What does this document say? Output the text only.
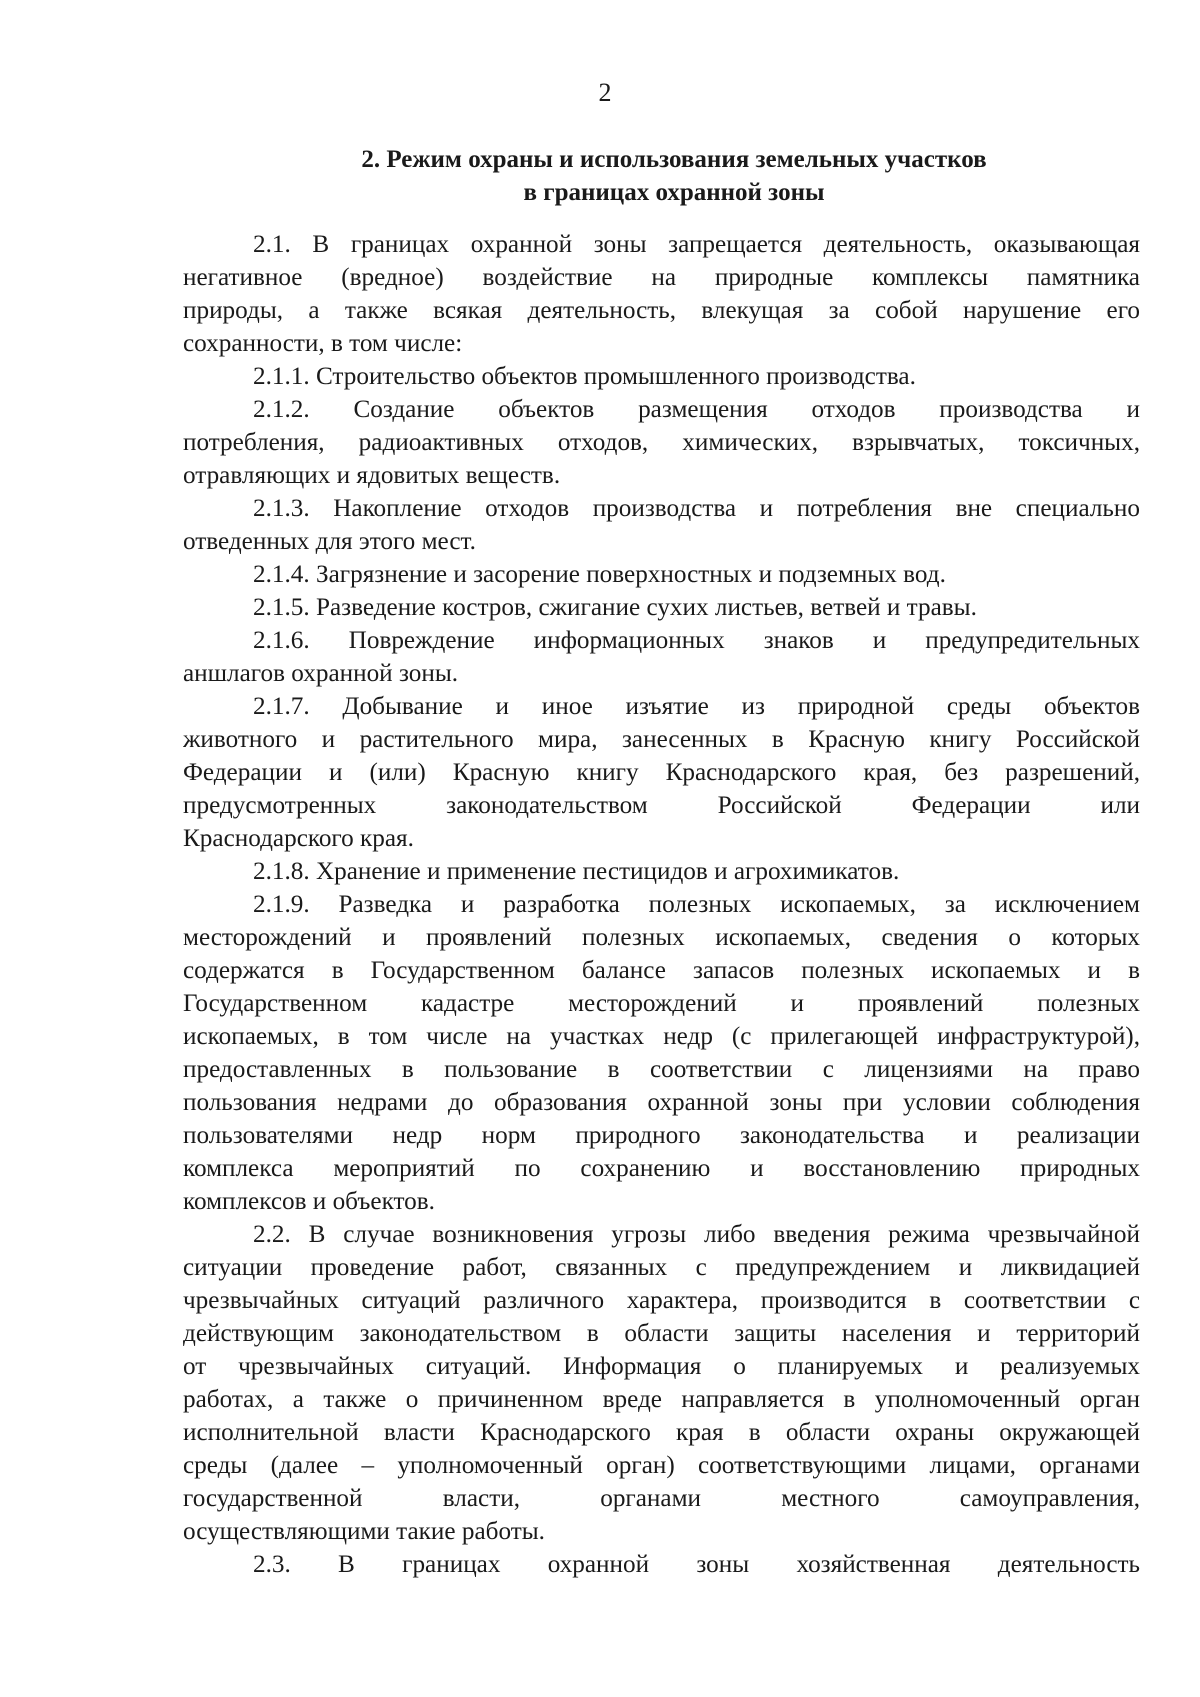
2
2. Режим охраны и использования земельных участков
в границах охранной зоны
2.1. В границах охранной зоны запрещается деятельность, оказывающая
негативное (вредное) воздействие на природные комплексы памятника
природы, а также всякая деятельность, влекущая за собой нарушение его
сохранности, в том числе:
2.1.1. Строительство объектов промышленного производства.
2.1.2. Создание объектов размещения отходов производства и
потребления, радиоактивных отходов, химических, взрывчатых, токсичных,
отравляющих и ядовитых веществ.
2.1.3. Накопление отходов производства и потребления вне специально
отведенных для этого мест.
2.1.4. Загрязнение и засорение поверхностных и подземных вод.
2.1.5. Разведение костров, сжигание сухих листьев, ветвей и травы.
2.1.6. Повреждение информационных знаков и предупредительных
аншлагов охранной зоны.
2.1.7. Добывание и иное изъятие из природной среды объектов
животного и растительного мира, занесенных в Красную книгу Российской
Федерации и (или) Красную книгу Краснодарского края, без разрешений,
предусмотренных законодательством Российской Федерации или
Краснодарского края.
2.1.8. Хранение и применение пестицидов и агрохимикатов.
2.1.9. Разведка и разработка полезных ископаемых, за исключением
месторождений и проявлений полезных ископаемых, сведения о которых
содержатся в Государственном балансе запасов полезных ископаемых и в
Государственном кадастре месторождений и проявлений полезных
ископаемых, в том числе на участках недр (с прилегающей инфраструктурой),
предоставленных в пользование в соответствии с лицензиями на право
пользования недрами до образования охранной зоны при условии соблюдения
пользователями недр норм природного законодательства и реализации
комплекса мероприятий по сохранению и восстановлению природных
комплексов и объектов.
2.2. В случае возникновения угрозы либо введения режима чрезвычайной
ситуации проведение работ, связанных с предупреждением и ликвидацией
чрезвычайных ситуаций различного характера, производится в соответствии с
действующим законодательством в области защиты населения и территорий
от чрезвычайных ситуаций. Информация о планируемых и реализуемых
работах, а также о причиненном вреде направляется в уполномоченный орган
исполнительной власти Краснодарского края в области охраны окружающей
среды (далее – уполномоченный орган) соответствующими лицами, органами
государственной власти, органами местного самоуправления,
осуществляющими такие работы.
2.3. В границах охранной зоны хозяйственная деятельность
